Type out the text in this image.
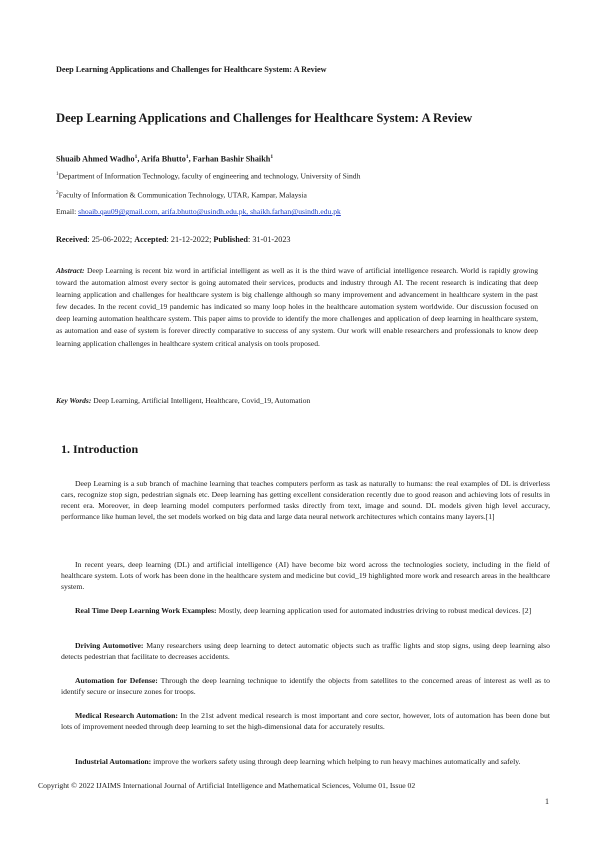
Deep Learning Applications and Challenges for Healthcare System: A Review
Deep Learning Applications and Challenges for Healthcare System: A Review
Shuaib Ahmed Wadho$^1$, Arifa Bhutto$^1$, Farhan Bashir Shaikh$^1$
$^1$Department of Information Technology, faculty of engineering and technology, University of Sindh
$^2$Faculty of Information & Communication Technology, UTAR, Kampar, Malaysia
Email: shoaib.qau09@gmail.com, arifa.bhutto@usindh.edu.pk, shaikh.farhan@usindh.edu.pk
Received: 25-06-2022; Accepted: 21-12-2022; Published: 31-01-2023
Abstract: Deep Learning is recent biz word in artificial intelligent as well as it is the third wave of artificial intelligence research. World is rapidly growing toward the automation almost every sector is going automated their services, products and industry through AI. The recent research is indicating that deep learning application and challenges for healthcare system is big challenge although so many improvement and advancement in healthcare system in the past few decades. In the recent covid_19 pandemic has indicated so many loop holes in the healthcare automation system worldwide. Our discussion focused on deep learning automation healthcare system. This paper aims to provide to identify the more challenges and application of deep learning in healthcare system, as automation and ease of system is forever directly comparative to success of any system. Our work will enable researchers and professionals to know deep learning application challenges in healthcare system critical analysis on tools proposed.
Key Words: Deep Learning, Artificial Intelligent, Healthcare, Covid_19, Automation
1. Introduction
Deep Learning is a sub branch of machine learning that teaches computers perform as task as naturally to humans: the real examples of DL is driverless cars, recognize stop sign, pedestrian signals etc. Deep learning has getting excellent consideration recently due to good reason and achieving lots of results in recent era. Moreover, in deep learning model computers performed tasks directly from text, image and sound. DL models given high level accuracy, performance like human level, the set models worked on big data and large data neural network architectures which contains many layers.[1]
In recent years, deep learning (DL) and artificial intelligence (AI) have become biz word across the technologies society, including in the field of healthcare system. Lots of work has been done in the healthcare system and medicine but covid_19 highlighted more work and research areas in the healthcare system.
Real Time Deep Learning Work Examples: Mostly, deep learning application used for automated industries driving to robust medical devices. [2]
Driving Automotive: Many researchers using deep learning to detect automatic objects such as traffic lights and stop signs, using deep learning also detects pedestrian that facilitate to decreases accidents.
Automation for Defense: Through the deep learning technique to identify the objects from satellites to the concerned areas of interest as well as to identify secure or insecure zones for troops.
Medical Research Automation: In the 21st advent medical research is most important and core sector, however, lots of automation has been done but lots of improvement needed through deep learning to set the high-dimensional data for accurately results.
Industrial Automation: improve the workers safety using through deep learning which helping to run heavy machines automatically and safely.
Copyright © 2022 IJAIMS International Journal of Artificial Intelligence and Mathematical Sciences, Volume 01, Issue 02
1
